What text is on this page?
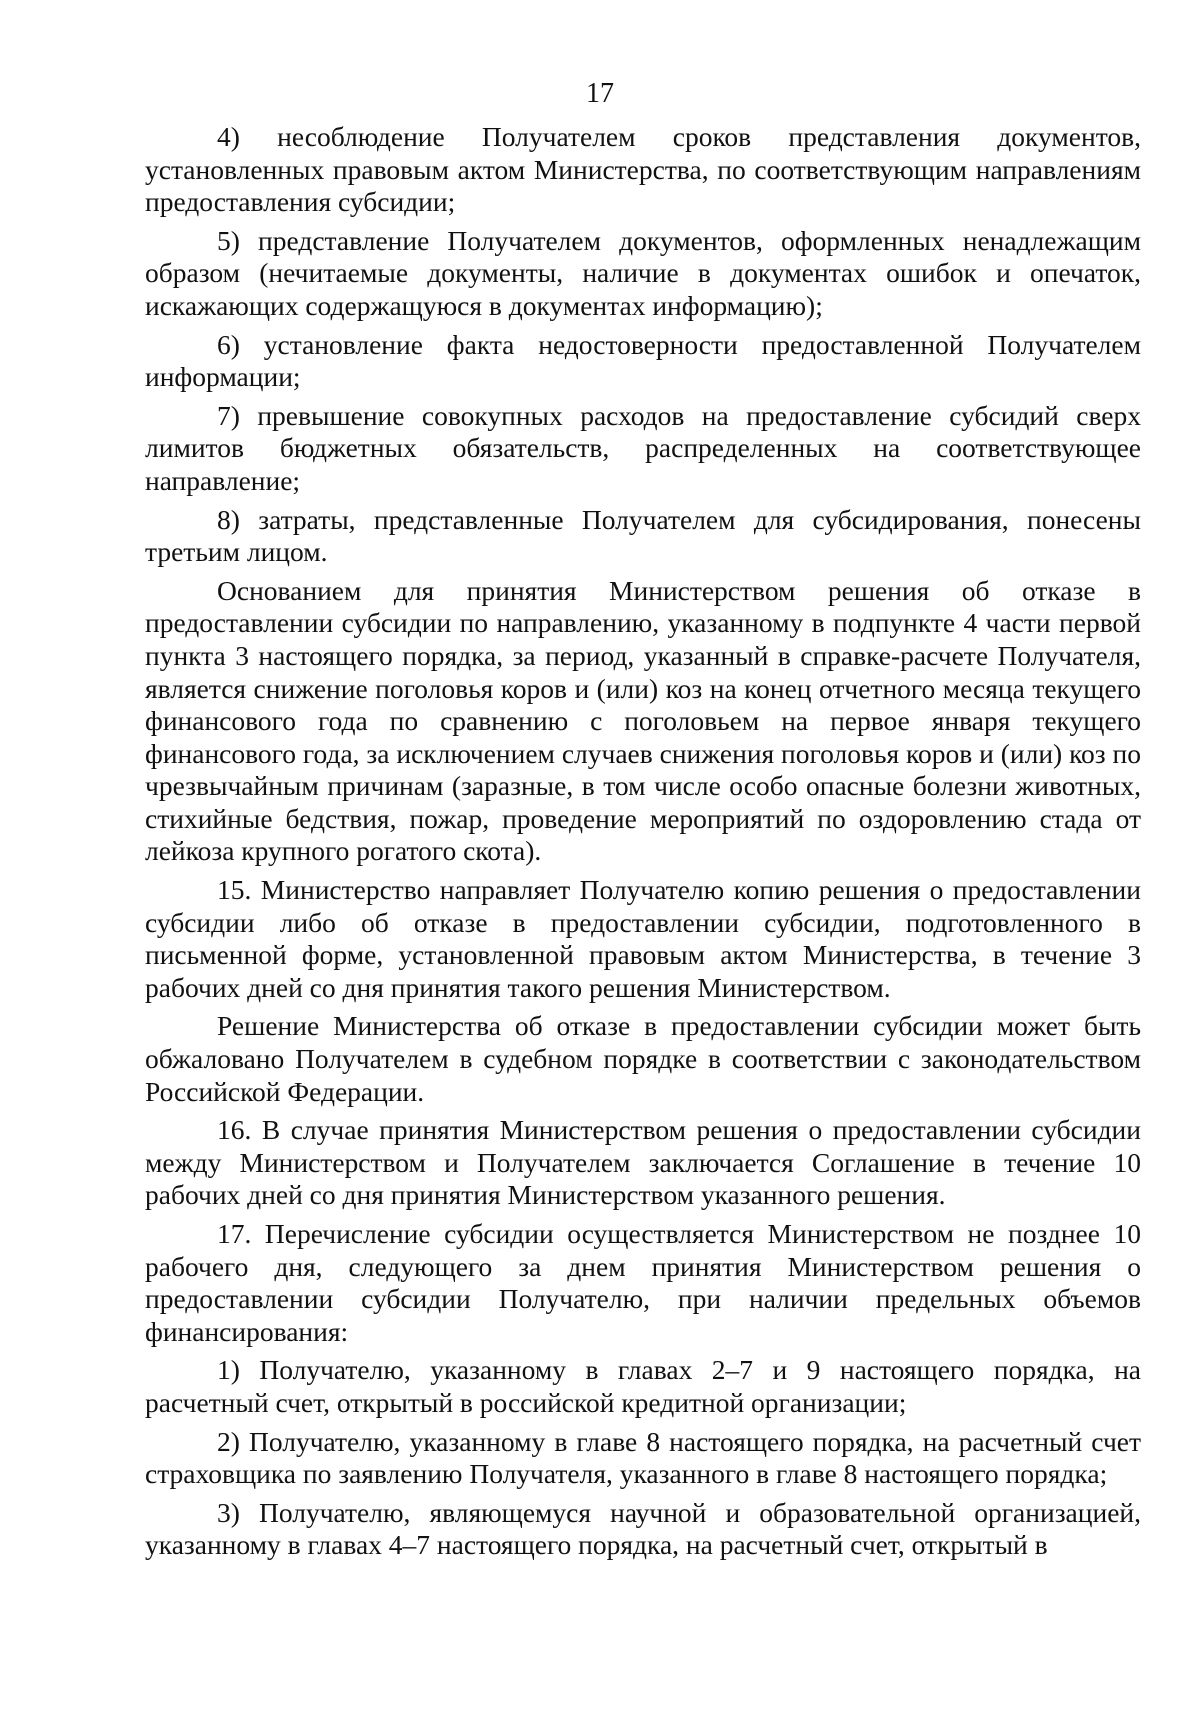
17

4) несоблюдение Получателем сроков представления документов, установленных правовым актом Министерства, по соответствующим направлениям предоставления субсидии;

5) представление Получателем документов, оформленных ненадлежащим образом (нечитаемые документы, наличие в документах ошибок и опечаток, искажающих содержащуюся в документах информацию);

6) установление факта недостоверности предоставленной Получателем информации;

7) превышение совокупных расходов на предоставление субсидий сверх лимитов бюджетных обязательств, распределенных на соответствующее направление;

8) затраты, представленные Получателем для субсидирования, понесены третьим лицом.

Основанием для принятия Министерством решения об отказе в предоставлении субсидии по направлению, указанному в подпункте 4 части первой пункта 3 настоящего порядка, за период, указанный в справке-расчете Получателя, является снижение поголовья коров и (или) коз на конец отчетного месяца текущего финансового года по сравнению с поголовьем на первое января текущего финансового года, за исключением случаев снижения поголовья коров и (или) коз по чрезвычайным причинам (заразные, в том числе особо опасные болезни животных, стихийные бедствия, пожар, проведение мероприятий по оздоровлению стада от лейкоза крупного рогатого скота).

15. Министерство направляет Получателю копию решения о предоставлении субсидии либо об отказе в предоставлении субсидии, подготовленного в письменной форме, установленной правовым актом Министерства, в течение 3 рабочих дней со дня принятия такого решения Министерством.

Решение Министерства об отказе в предоставлении субсидии может быть обжаловано Получателем в судебном порядке в соответствии с законодательством Российской Федерации.

16. В случае принятия Министерством решения о предоставлении субсидии между Министерством и Получателем заключается Соглашение в течение 10 рабочих дней со дня принятия Министерством указанного решения.

17. Перечисление субсидии осуществляется Министерством не позднее 10 рабочего дня, следующего за днем принятия Министерством решения о предоставлении субсидии Получателю, при наличии предельных объемов финансирования:

1) Получателю, указанному в главах 2–7 и 9 настоящего порядка, на расчетный счет, открытый в российской кредитной организации;

2) Получателю, указанному в главе 8 настоящего порядка, на расчетный счет страховщика по заявлению Получателя, указанного в главе 8 настоящего порядка;

3) Получателю, являющемуся научной и образовательной организацией, указанному в главах 4–7 настоящего порядка, на расчетный счет, открытый в
